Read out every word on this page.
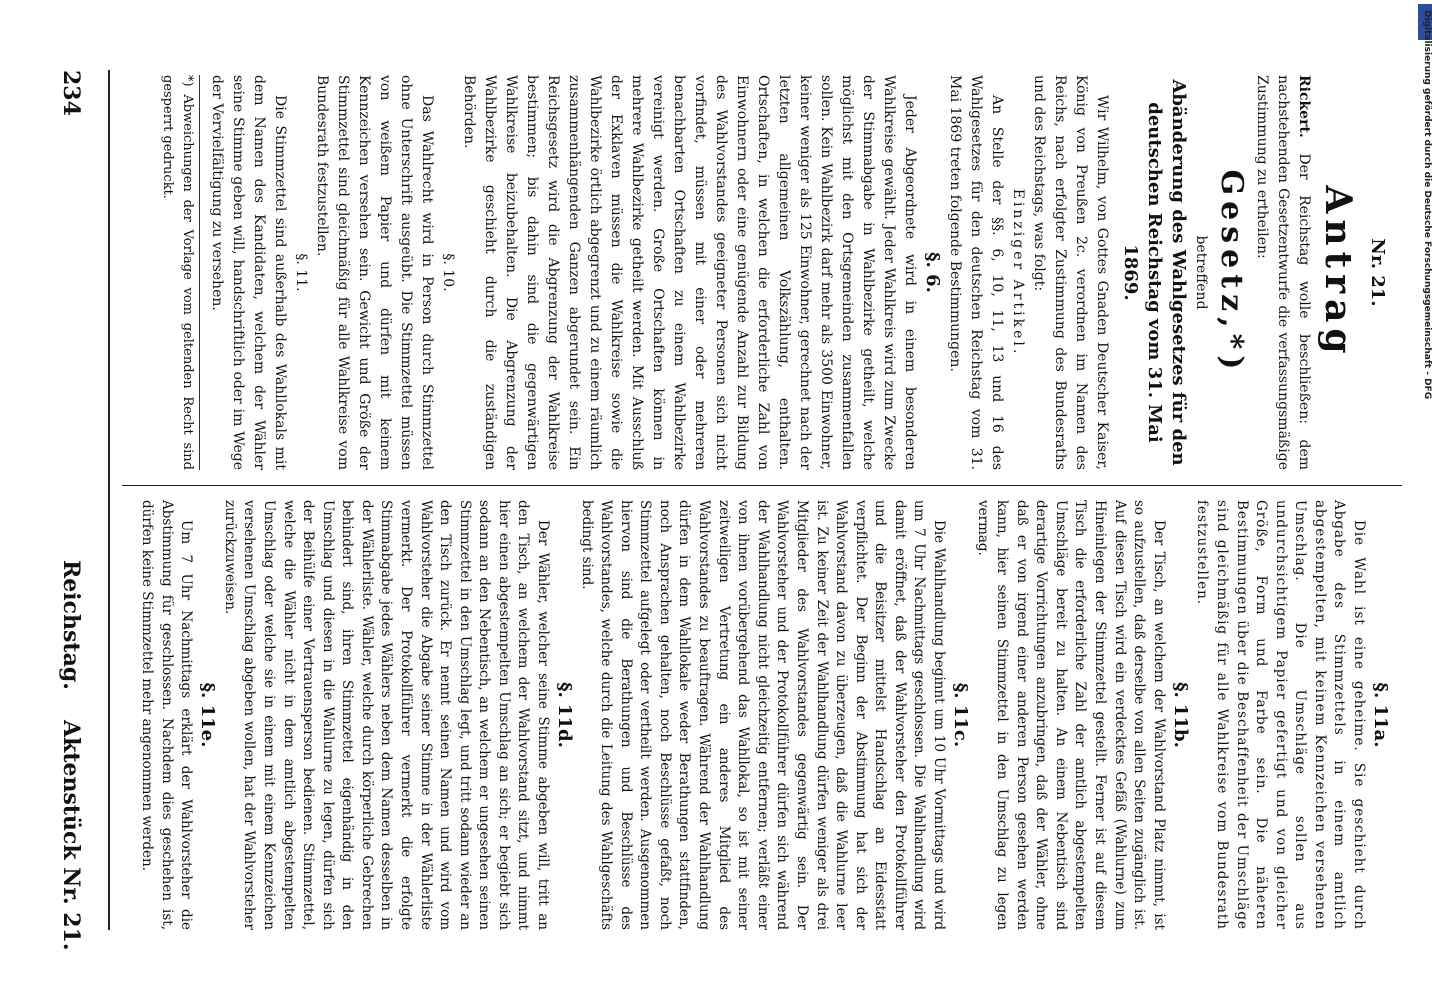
234
Reichstag.
Aktenstück Nr. 21.

Nr. 21.

Antrag

Rickert. Der Reichstag wolle beschließen: dem nachstehenden Gesetzentwurfe die verfassungsmäßige Zustimmung zu ertheilen:

Gesetz,*)

betreffend

Abänderung des Wahlgesetzes für den deutschen Reichstag vom 31. Mai 1869.

Wir Wilhelm, von Gottes Gnaden Deutscher Kaiser, König von Preußen 2c. verordnen im Namen des Reichs, nach erfolgter Zustimmung des Bundesraths und des Reichstags, was folgt:

Einziger Artikel.

An Stelle der §§. 6, 10, 11, 13 und 16 des Wahlgesetzes für den deutschen Reichstag vom 31. Mai 1869 treten folgende Bestimmungen.

§. 6.

Jeder Abgeordnete wird in einem besonderen Wahlkreise gewählt. Jeder Wahlkreis wird zum Zwecke der Stimmabgabe in Wahlbezirke getheilt, welche möglichst mit den Ortsgemeinden zusammenfallen sollen. Kein Wahlbezirk darf mehr als 3500 Einwohner, keiner weniger als 125 Einwohner, gerechnet nach der letzten allgemeinen Volkszählung, enthalten. Ortschaften, in welchen die erforderliche Zahl von Einwohnern oder eine genügende Anzahl zur Bildung des Wahlvorstandes geeigneter Personen sich nicht vorfindet, müssen mit einer oder mehreren benachbarten Ortschaften zu einem Wahlbezirke vereinigt werden. Große Ortschaften können in mehrere Wahlbezirke getheilt werden. Mit Ausschluß der Exklaven müssen die Wahlkreise sowie die Wahlbezirke örtlich abgegrenzt und zu einem räumlich zusammenhängenden Ganzen abgerundet sein. Ein Reichsgesetz wird die Abgrenzung der Wahlkreise bestimmen; bis dahin sind die gegenwärtigen Wahlkreise beizubehalten. Die Abgrenzung der Wahlbezirke geschieht durch die zuständigen Behörden.

§. 10.

Das Wahlrecht wird in Person durch Stimmzettel ohne Unterschrift ausgeübt. Die Stimmzettel müssen von weißem Papier und dürfen mit keinem Kennzeichen versehen sein. Gewicht und Größe der Stimmzettel sind gleichmäßig für alle Wahlkreise vom Bundesrath festzustellen.

§. 11.

Die Stimmzettel sind außerhalb des Wahllokals mit dem Namen des Kandidaten, welchem der Wähler seine Stimme geben will, handschriftlich oder im Wege der Vervielfältigung zu versehen.

*) Abweichungen der Vorlage vom geltenden Recht sind gesperrt gedruckt.

§. 11a.

Die Wahl ist eine geheime. Sie geschieht durch Abgabe des Stimmzettels in einem amtlich abgestempelten, mit keinem Kennzeichen versehenen Umschlag. Die Umschläge sollen aus undurchsichtigem Papier gefertigt und von gleicher Größe, Form und Farbe sein. Die näheren Bestimmungen über die Beschaffenheit der Umschläge sind gleichmäßig für alle Wahlkreise vom Bundesrath festzustellen.

§. 11b.

Der Tisch, an welchem der Wahlvorstand Platz nimmt, ist so aufzustellen, daß derselbe von allen Seiten zugänglich ist. Auf diesen Tisch wird ein verdecktes Gefäß (Wahlurne) zum Hineinlegen der Stimmzettel gestellt. Ferner ist auf diesem Tisch die erforderliche Zahl der amtlich abgestempelten Umschläge bereit zu halten. An einem Nebentisch sind derartige Vorrichtungen anzubringen, daß der Wähler, ohne daß er von irgend einer anderen Person gesehen werden kann, hier seinen Stimmzettel in den Umschlag zu legen vermag.

§. 11c.

Die Wahlhandlung beginnt um 10 Uhr Vormittags und wird um 7 Uhr Nachmittags geschlossen. Die Wahlhandlung wird damit eröffnet, daß der Wahlvorsteher den Protokollführer und die Beisitzer mittelst Handschlag an Eidesstatt verpflichtet. Der Beginn der Abstimmung hat sich der Wahlvorstand davon zu überzeugen, daß die Wahlurne leer ist. Zu keiner Zeit der Wahlhandlung dürfen weniger als drei Mitglieder des Wahlvorstandes gegenwärtig sein. Der Wahlvorsteher und der Protokollführer dürfen sich während der Wahlhandlung nicht gleichzeitig entfernen; verläßt einer von ihnen vorübergehend das Wahllokal, so ist mit seiner zeitweiligen Vertretung ein anderes Mitglied des Wahlvorstandes zu beauftragen. Während der Wahlhandlung dürfen in dem Wahllokale weder Berathungen stattfinden, noch Ansprachen gehalten, noch Beschlüsse gefaßt, noch Stimmzettel aufgelegt oder vertheilt werden. Ausgenommen hiervon sind die Berathungen und Beschlüsse des Wahlvorstandes, welche durch die Leitung des Wahlgeschäfts bedingt sind.

§. 11d.

Der Wähler, welcher seine Stimme abgeben will, tritt an den Tisch, an welchem der Wahlvorstand sitzt, und nimmt hier einen abgestempelten Umschlag an sich; er begiebt sich sodann an den Nebentisch, an welchem er ungesehen seinen Stimmzettel in den Umschlag legt, und tritt sodann wieder an den Tisch zurück. Er nennt seinen Namen und wird vom Wahlvorsteher die Abgabe seiner Stimme in der Wählerliste vermerkt. Der Protokollführer vermerkt die erfolgte Stimmabgabe jedes Wählers neben dem Namen desselben in der Wählerliste. Wähler, welche durch körperliche Gebrechen behindert sind, ihren Stimmzettel eigenhändig in den Umschlag und diesen in die Wahlurne zu legen, dürfen sich der Beihülfe einer Vertrauensperson bedienen. Stimmzettel, welche die Wähler nicht in dem amtlich abgestempelten Umschlag oder welche sie in einem mit einem Kennzeichen versehenen Umschlag abgeben wollen, hat der Wahlvorsteher zurückzuweisen.

§. 11e.

Um 7 Uhr Nachmittags erklärt der Wahlvorsteher die Abstimmung für geschlossen. Nachdem dies geschehen ist, dürfen keine Stimmzettel mehr angenommen werden.

Digitalisierung gefördert durch die Deutsche Forschungsgemeinschaft - DFG
